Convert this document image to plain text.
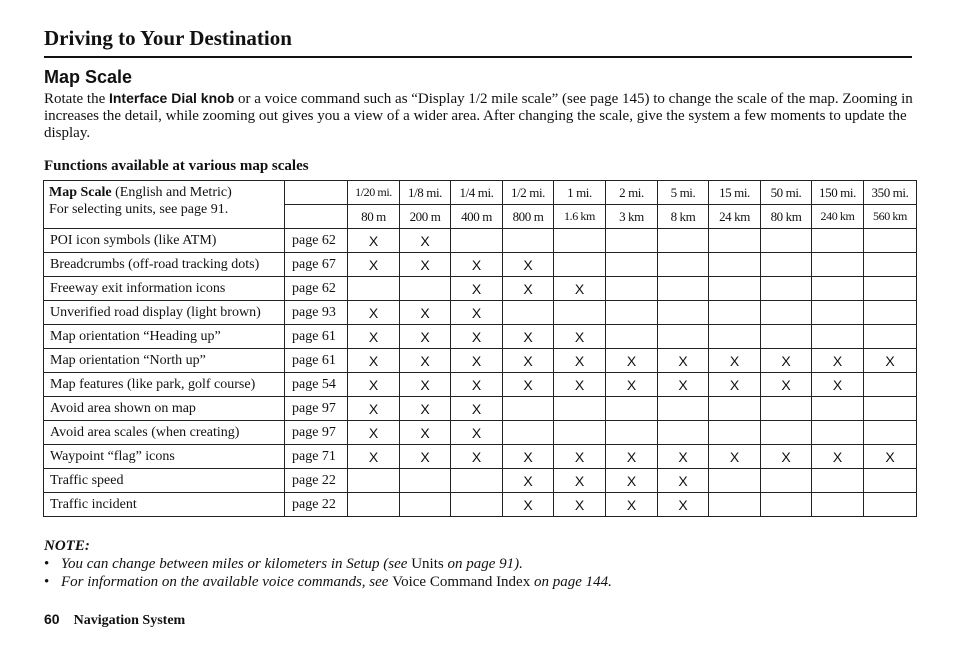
Driving to Your Destination
Map Scale
Rotate the Interface Dial knob or a voice command such as “Display 1/2 mile scale” (see page 145) to change the scale of the map. Zooming in increases the detail, while zooming out gives you a view of a wider area. After changing the scale, give the system a few moments to update the display.
Functions available at various map scales
Map Scale (English and Metric)
For selecting units, see page 91.		1/20 mi.	1/8 mi.	1/4 mi.	1/2 mi.	1 mi.	2 mi.	5 mi.	15 mi.	50 mi.	150 mi.	350 mi.
		80 m	200 m	400 m	800 m	1.6 km	3 km	8 km	24 km	80 km	240 km	560 km
POI icon symbols (like ATM)	page 62	X	X									
Breadcrumbs (off-road tracking dots)	page 67	X	X	X	X							
Freeway exit information icons	page 62			X	X	X						
Unverified road display (light brown)	page 93	X	X	X								
Map orientation “Heading up”	page 61	X	X	X	X	X						
Map orientation “North up”	page 61	X	X	X	X	X	X	X	X	X	X	X
Map features (like park, golf course)	page 54	X	X	X	X	X	X	X	X	X	X	
Avoid area shown on map	page 97	X	X	X								
Avoid area scales (when creating)	page 97	X	X	X								
Waypoint “flag” icons	page 71	X	X	X	X	X	X	X	X	X	X	X
Traffic speed	page 22				X	X	X	X				
Traffic incident	page 22				X	X	X	X				
NOTE:
• You can change between miles or kilometers in Setup (see Units on page 91).
• For information on the available voice commands, see Voice Command Index on page 144.
60 Navigation System
